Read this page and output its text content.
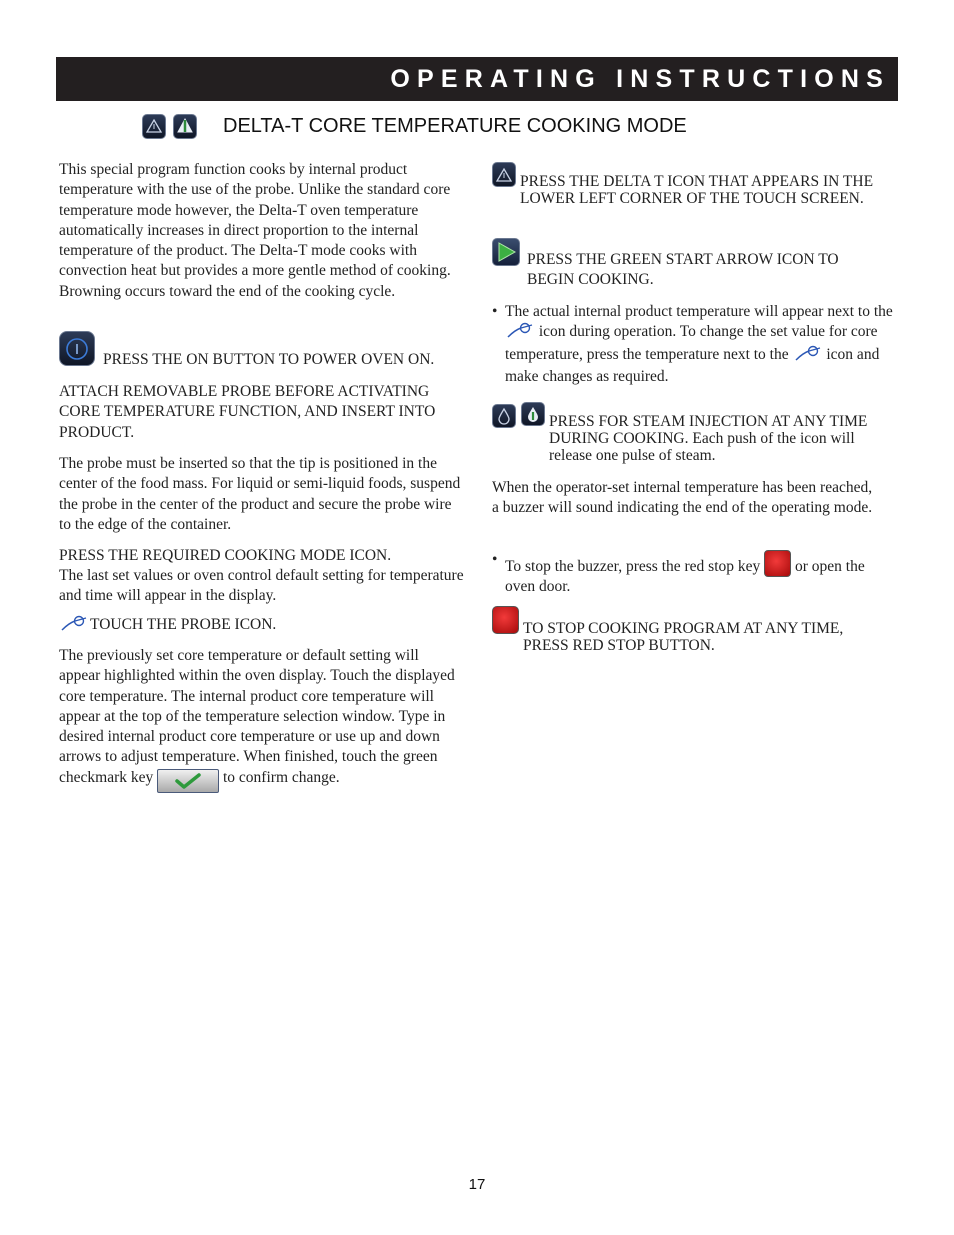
OPERATING INSTRUCTIONS
DELTA-T CORE TEMPERATURE COOKING MODE

This special program function cooks by internal product temperature with the use of the probe. Unlike the standard core temperature mode however, the Delta-T oven temperature automatically increases in direct proportion to the internal temperature of the product. The Delta-T mode cooks with convection heat but provides a more gentle method of cooking. Browning occurs toward the end of the cooking cycle.

PRESS THE ON BUTTON TO POWER OVEN ON.

ATTACH REMOVABLE PROBE BEFORE ACTIVATING CORE TEMPERATURE FUNCTION, AND INSERT INTO PRODUCT.

The probe must be inserted so that the tip is positioned in the center of the food mass. For liquid or semi-liquid foods, suspend the probe in the center of the product and secure the probe wire to the edge of the container.

PRESS THE REQUIRED COOKING MODE ICON.

The last set values or oven control default setting for temperature and time will appear in the display.

TOUCH THE PROBE ICON.

The previously set core temperature or default setting will appear highlighted within the oven display. Touch the displayed core temperature. The internal product core temperature will appear at the top of the temperature selection window. Type in desired internal product core temperature or use up and down arrows to adjust temperature. When finished, touch the green checkmark key	to confirm change.

PRESS THE DELTA T ICON THAT APPEARS IN THE LOWER LEFT CORNER OF THE TOUCH SCREEN.

PRESS THE GREEN START ARROW ICON TO BEGIN COOKING.

• The actual internal product temperature will appear next to the  icon during operation. To change the set value for core temperature, press the temperature next to the icon and make changes as required.

PRESS FOR STEAM INJECTION AT ANY TIME DURING COOKING. Each push of the icon will release one pulse of steam.

When the operator-set internal temperature has been reached, a buzzer will sound indicating the end of the operating mode.

• To stop the buzzer, press the red stop key or open the oven door.

TO STOP COOKING PROGRAM AT ANY TIME, PRESS RED STOP BUTTON.

17
